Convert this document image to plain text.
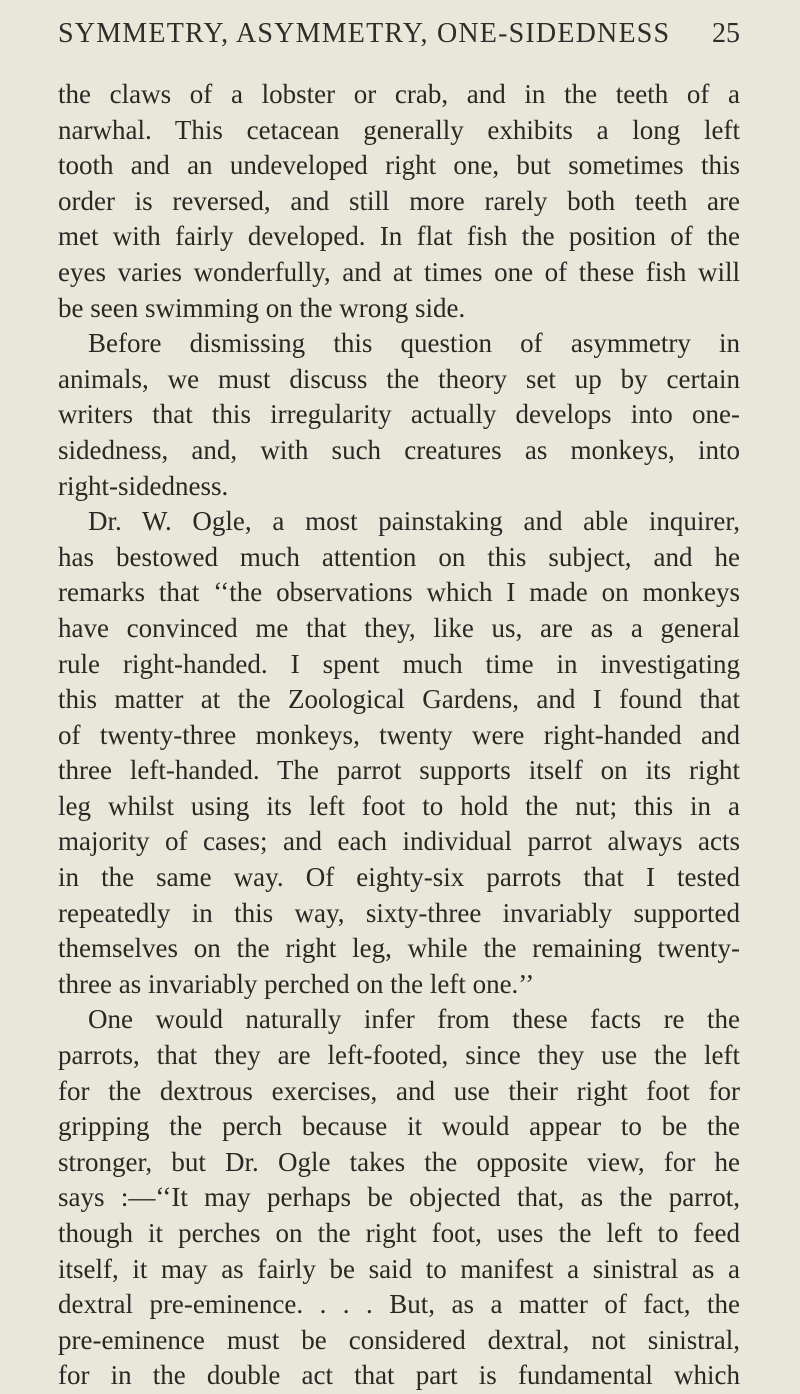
SYMMETRY, ASYMMETRY, ONE-SIDEDNESS 25
the claws of a lobster or crab, and in the teeth of a
narwhal. This cetacean generally exhibits a long left
tooth and an undeveloped right one, but sometimes this
order is reversed, and still more rarely both teeth are
met with fairly developed. In flat fish the position of the
eyes varies wonderfully, and at times one of these fish will
be seen swimming on the wrong side.
Before dismissing this question of asymmetry in
animals, we must discuss the theory set up by certain
writers that this irregularity actually develops into one-
sidedness, and, with such creatures as monkeys, into
right-sidedness.
Dr. W. Ogle, a most painstaking and able inquirer,
has bestowed much attention on this subject, and he
remarks that ‘‘the observations which I made on monkeys
have convinced me that they, like us, are as a general
rule right-handed. I spent much time in investigating
this matter at the Zoological Gardens, and I found that
of twenty-three monkeys, twenty were right-handed and
three left-handed. The parrot supports itself on its right
leg whilst using its left foot to hold the nut; this in a
majority of cases; and each individual parrot always acts
in the same way. Of eighty-six parrots that I tested
repeatedly in this way, sixty-three invariably supported
themselves on the right leg, while the remaining twenty-
three as invariably perched on the left one.’’
One would naturally infer from these facts re the
parrots, that they are left-footed, since they use the left
for the dextrous exercises, and use their right foot for
gripping the perch because it would appear to be the
stronger, but Dr. Ogle takes the opposite view, for he
says :—‘‘It may perhaps be objected that, as the parrot,
though it perches on the right foot, uses the left to feed
itself, it may as fairly be said to manifest a sinistral as a
dextral pre-eminence. . . . But, as a matter of fact, the
pre-eminence must be considered dextral, not sinistral,
for in the double act that part is fundamental which
